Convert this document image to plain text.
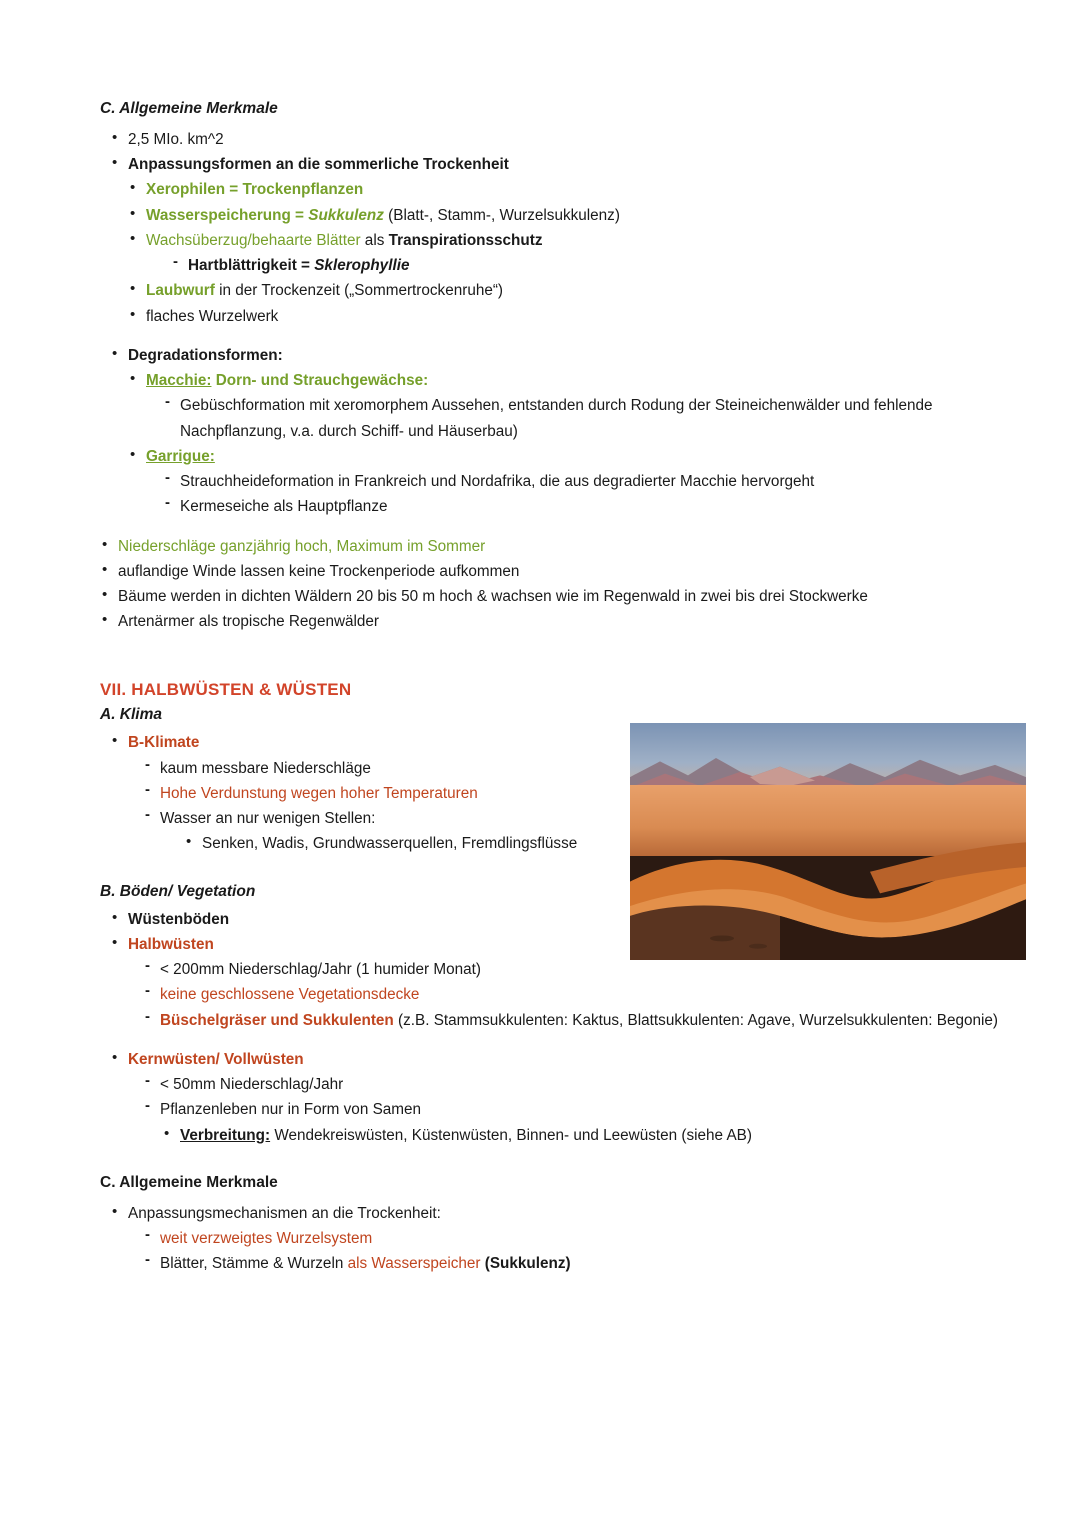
C. Allgemeine Merkmale
• 2,5 MIo. km^2
• Anpassungsformen an die sommerliche Trockenheit
• Xerophilen = Trockenpflanzen
• Wasserspeicherung = Sukkulenz (Blatt-, Stamm-, Wurzelsukkulenz)
• Wachsüberzug/behaarte Blätter als Transpirationsschutz
- Hartblättrigkeit = Sklerophyllie
• Laubwurf in der Trockenzeit („Sommertrockenruhe“)
• flaches Wurzelwerk
• Degradationsformen:
• Macchie: Dorn- und Strauchgewächse:
- Gebüschformation mit xeromorphem Aussehen, entstanden durch Rodung der Steineichenwälder und fehlende Nachpflanzung, v.a. durch Schiff- und Häuserbau)
• Garrigue:
- Strauchheideformation in Frankreich und Nordafrika, die aus degradierter Macchie hervorgeht
- Kermeseiche als Hauptpflanze
• Niederschläge ganzjährig hoch, Maximum im Sommer
• auflandige Winde lassen keine Trockenperiode aufkommen
• Bäume werden in dichten Wäldern 20 bis 50 m hoch & wachsen wie im Regenwald in zwei bis drei Stockwerke
• Artenärmer als tropische Regenwälder
VII. HALBWÜSTEN & WÜSTEN
A. Klima
• B-Klimate
- kaum messbare Niederschläge
- Hohe Verdunstung wegen hoher Temperaturen
- Wasser an nur wenigen Stellen:
• Senken, Wadis, Grundwasserquellen, Fremdlingsflüsse
B. Böden/ Vegetation
• Wüstenböden
• Halbwüsten
- < 200mm Niederschlag/Jahr (1 humider Monat)
- keine geschlossene Vegetationsdecke
- Büschelgräser und Sukkulenten (z.B. Stammsukkulenten: Kaktus, Blattsukkulenten: Agave, Wurzelsukkulenten: Begonie)
• Kernwüsten/ Vollwüsten
- < 50mm Niederschlag/Jahr
- Pflanzenleben nur in Form von Samen
• Verbreitung: Wendekreiswüsten, Küstenwüsten, Binnen- und Leewüsten (siehe AB)
C. Allgemeine Merkmale
• Anpassungsmechanismen an die Trockenheit:
- weit verzweigtes Wurzelsystem
- Blätter, Stämme & Wurzeln als Wasserspeicher (Sukkulenz)
